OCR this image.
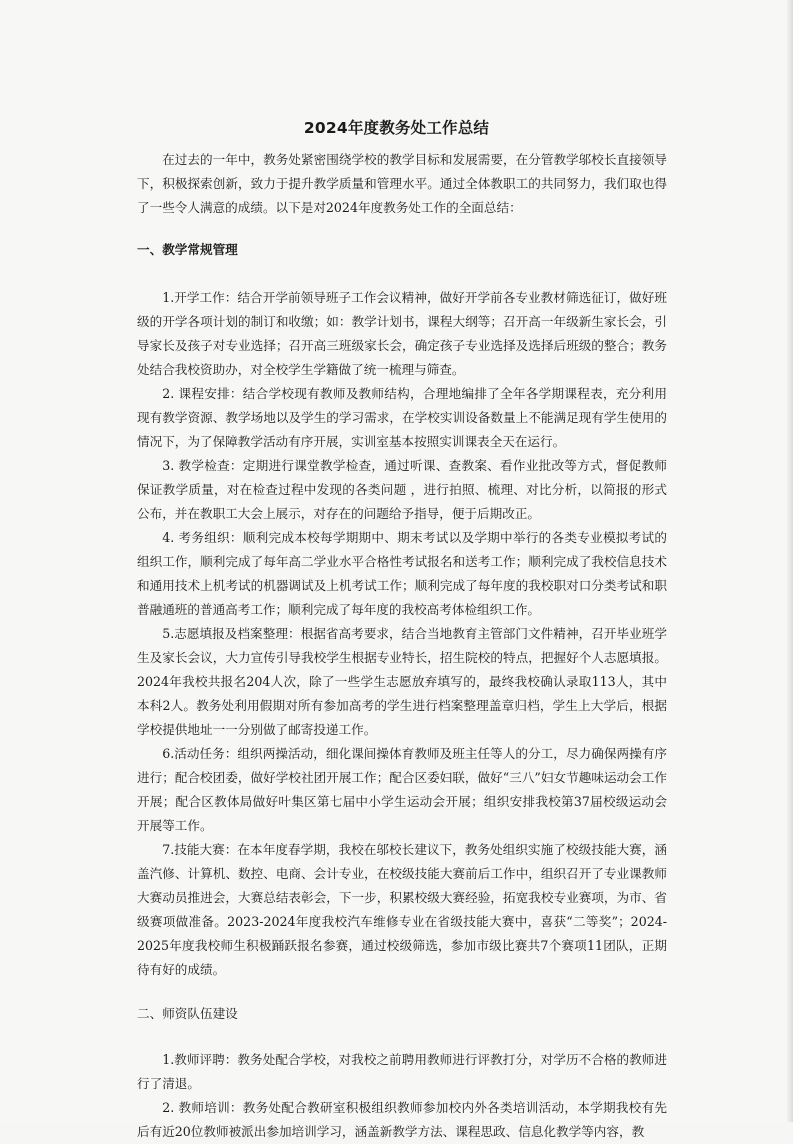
2024年度教务处工作总结

在过去的一年中，教务处紧密围绕学校的教学目标和发展需要，在分管教学邬校长直接领导下，积极探索创新，致力于提升教学质量和管理水平。通过全体教职工的共同努力，我们取也得了一些令人满意的成绩。以下是对2024年度教务处工作的全面总结：

一、教学常规管理

1.开学工作：结合开学前领导班子工作会议精神，做好开学前各专业教材筛选征订，做好班级的开学各项计划的制订和收缴；如：教学计划书，课程大纲等；召开高一年级新生家长会，引导家长及孩子对专业选择；召开高三班级家长会，确定孩子专业选择及选择后班级的整合；教务处结合我校资助办，对全校学生学籍做了统一梳理与筛查。

2. 课程安排：结合学校现有教师及教师结构，合理地编排了全年各学期课程表，充分利用现有教学资源、教学场地以及学生的学习需求，在学校实训设备数量上不能满足现有学生使用的情况下，为了保障教学活动有序开展，实训室基本按照实训课表全天在运行。

3. 教学检查：定期进行课堂教学检查，通过听课、查教案、看作业批改等方式，督促教师保证教学质量，对在检查过程中发现的各类问题 ，进行拍照、梳理、对比分析，以简报的形式公布，并在教职工大会上展示，对存在的问题给予指导，便于后期改正。

4. 考务组织：顺利完成本校每学期期中、期末考试以及学期中举行的各类专业模拟考试的组织工作，顺利完成了每年高二学业水平合格性考试报名和送考工作；顺利完成了我校信息技术和通用技术上机考试的机器调试及上机考试工作；顺利完成了每年度的我校职对口分类考试和职普融通班的普通高考工作；顺利完成了每年度的我校高考体检组织工作。

5.志愿填报及档案整理：根据省高考要求，结合当地教育主管部门文件精神，召开毕业班学生及家长会议，大力宣传引导我校学生根据专业特长，招生院校的特点，把握好个人志愿填报。2024年我校共报名204人次，除了一些学生志愿放弃填写的，最终我校确认录取113人，其中本科2人。教务处利用假期对所有参加高考的学生进行档案整理盖章归档，学生上大学后，根据学校提供地址一一分别做了邮寄投递工作。

6.活动任务：组织两操活动，细化课间操体育教师及班主任等人的分工，尽力确保两操有序进行；配合校团委，做好学校社团开展工作；配合区委妇联，做好“三八”妇女节趣味运动会工作开展；配合区教体局做好叶集区第七届中小学生运动会开展；组织安排我校第37届校级运动会开展等工作。

7.技能大赛：在本年度春学期，我校在邬校长建议下，教务处组织实施了校级技能大赛，涵盖汽修、计算机、数控、电商、会计专业，在校级技能大赛前后工作中，组织召开了专业课教师大赛动员推进会，大赛总结表彰会，下一步，积累校级大赛经验，拓宽我校专业赛项，为市、省级赛项做准备。2023-2024年度我校汽车维修专业在省级技能大赛中，喜获“二等奖”；2024-2025年度我校师生积极踊跃报名参赛，通过校级筛选，参加市级比赛共7个赛项11团队，正期待有好的成绩。

二、师资队伍建设

1.教师评聘：教务处配合学校，对我校之前聘用教师进行评教打分，对学历不合格的教师进行了清退。

2. 教师培训：教务处配合教研室积极组织教师参加校内外各类培训活动，本学期我校有先后有近20位教师被派出参加培训学习，涵盖新教学方法、课程思政、信息化教学等内容，教
